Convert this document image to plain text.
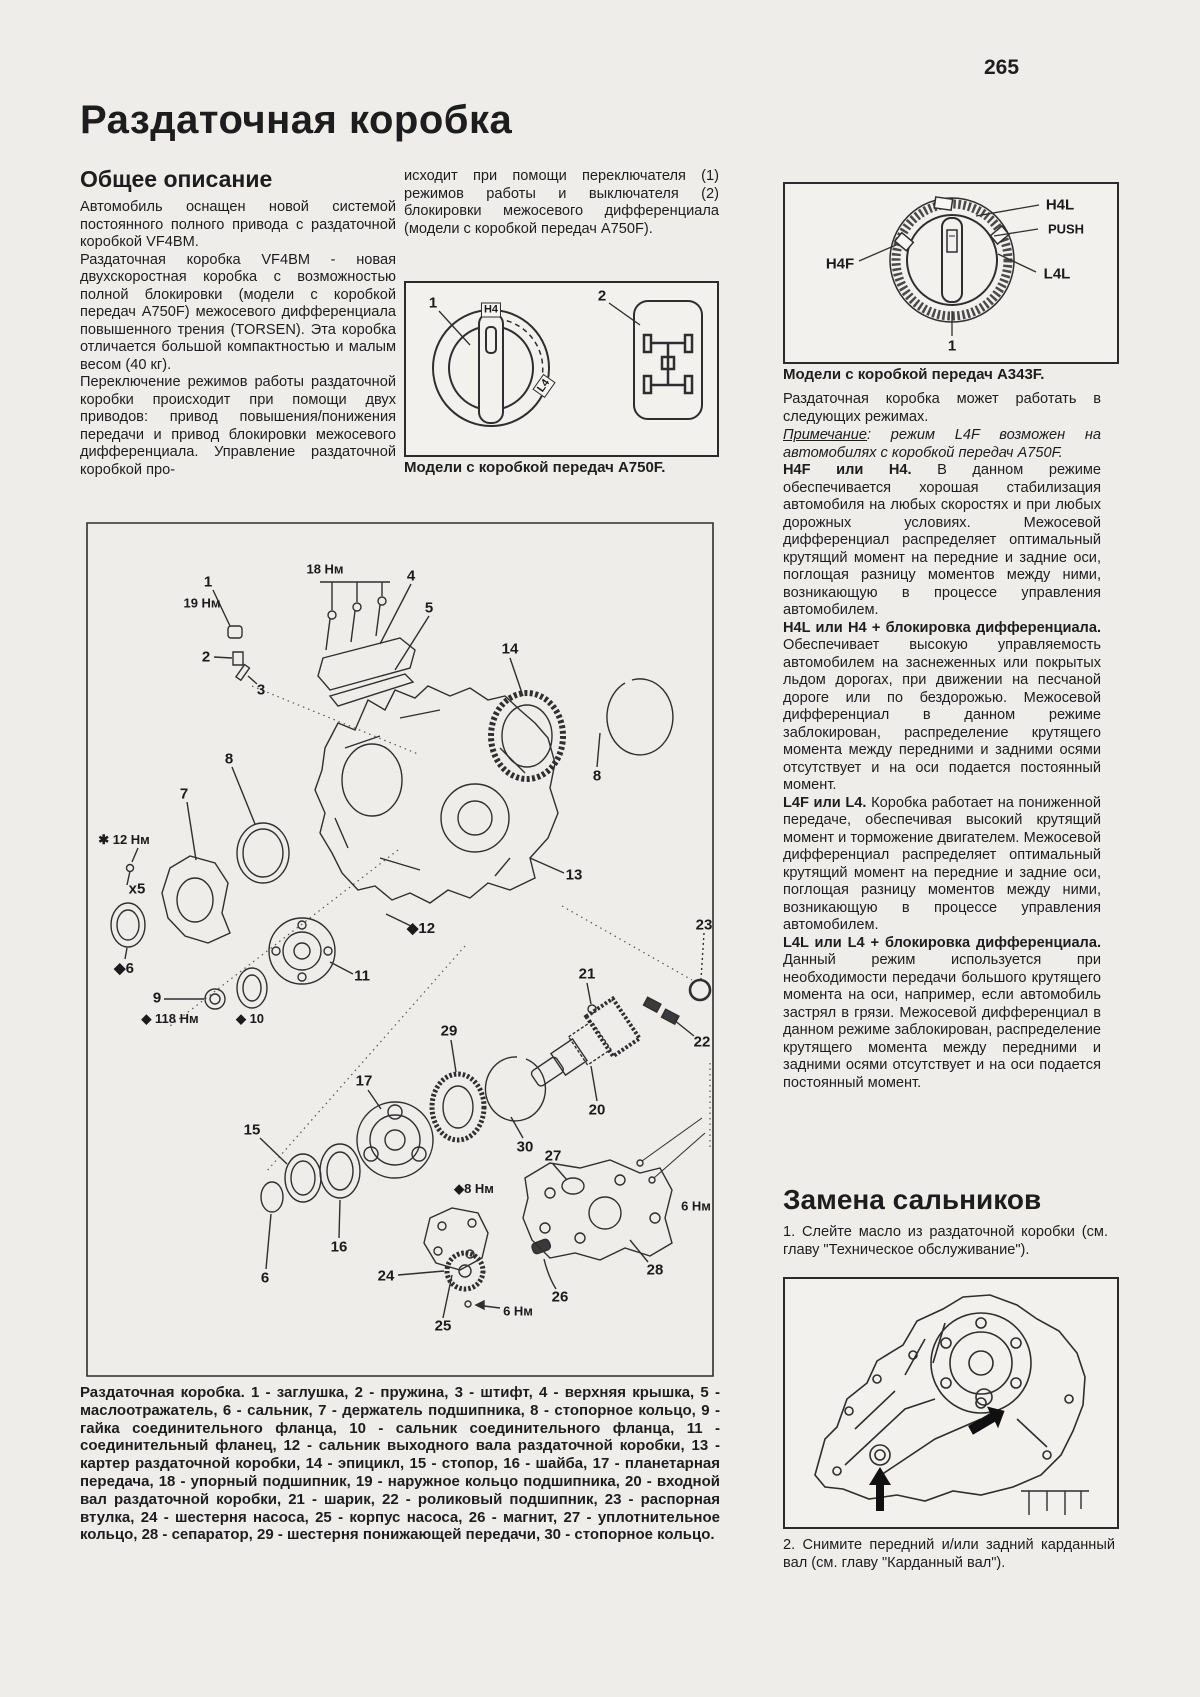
265
Раздаточная коробка
Общее описание

Автомобиль оснащен новой системой постоянного полного привода с раздаточной коробкой VF4BM.

Раздаточная коробка VF4BM - новая двухскоростная коробка с возможностью полной блокировки (модели с коробкой передач A750F) межосевого дифференциала повышенного трения (TORSEN). Эта коробка отличается большой компактностью и малым весом (40 кг).

Переключение режимов работы раздаточной коробки происходит при помощи двух приводов: привод повышения/понижения передачи и привод блокировки межосевого дифференциала. Управление раздаточной коробкой про-

исходит при помощи переключателя (1) режимов работы и выключателя (2) блокировки межосевого дифференциала (модели с коробкой передач A750F).

1	2
H4
L4
Модели с коробкой передач A750F.
H4L
PUSH
L4L
H4F
1
Модели с коробкой передач A343F.

Раздаточная коробка может работать в следующих режимах.

Примечание: режим L4F возможен на автомобилях с коробкой передач A750F.

H4F или H4. В данном режиме обеспечивается хорошая стабилизация автомобиля на любых скоростях и при любых дорожных условиях. Межосевой дифференциал распределяет оптимальный крутящий момент на передние и задние оси, поглощая разницу моментов между ними, возникающую в процессе управления автомобилем.

H4L или H4 + блокировка дифференциала. Обеспечивает высокую управляемость автомобилем на заснеженных или покрытых льдом дорогах, при движении на песчаной дороге или по бездорожью. Межосевой дифференциал в данном режиме заблокирован, распределение крутящего момента между передними и задними осями отсутствует и на оси подается постоянный момент.

L4F или L4. Коробка работает на пониженной передаче, обеспечивая высокий крутящий момент и торможение двигателем. Межосевой дифференциал распределяет оптимальный крутящий момент на передние и задние оси, поглощая разницу моментов между ними, возникающую в процессе управления автомобилем.

L4L или L4 + блокировка дифференциала. Данный режим используется при необходимости передачи большого крутящего момента на оси, например, если автомобиль застрял в грязи. Межосевой дифференциал в данном режиме заблокирован, распределение крутящего момента между передними и задними осями отсутствует и на оси подается постоянный момент.

Замена сальников

1. Слейте масло из раздаточной коробки (см. главу "Техническое обслуживание").

2. Снимите передний и/или задний карданный вал (см. главу "Карданный вал").

1
19 Нм
2
3
18 Нм	4
5
14
8
8
7
✱ 12 Нм
х5
◆6
9
◆ 118 Нм	◆ 10
11
◆12
13
21
23
22
20
29
30
17
15
16
6	24
◆8 Нм
27
28
6 Нм
25
6 Нм
26
Раздаточная коробка. 1 - заглушка, 2 - пружина, 3 - штифт, 4 - верхняя крышка, 5 - маслоотражатель, 6 - сальник, 7 - держатель подшипника, 8 - стопорное кольцо, 9 - гайка соединительного фланца, 10 - сальник соединительного фланца, 11 - соединительный фланец, 12 - сальник выходного вала раздаточной коробки, 13 - картер раздаточной коробки, 14 - эпицикл, 15 - стопор, 16 - шайба, 17 - планетарная передача, 18 - упорный подшипник, 19 - наружное кольцо подшипника, 20 - входной вал раздаточной коробки, 21 - шарик, 22 - роликовый подшипник, 23 - распорная втулка, 24 - шестерня насоса, 25 - корпус насоса, 26 - магнит, 27 - уплотнительное кольцо, 28 - сепаратор, 29 - шестерня понижающей передачи, 30 - стопорное кольцо.
